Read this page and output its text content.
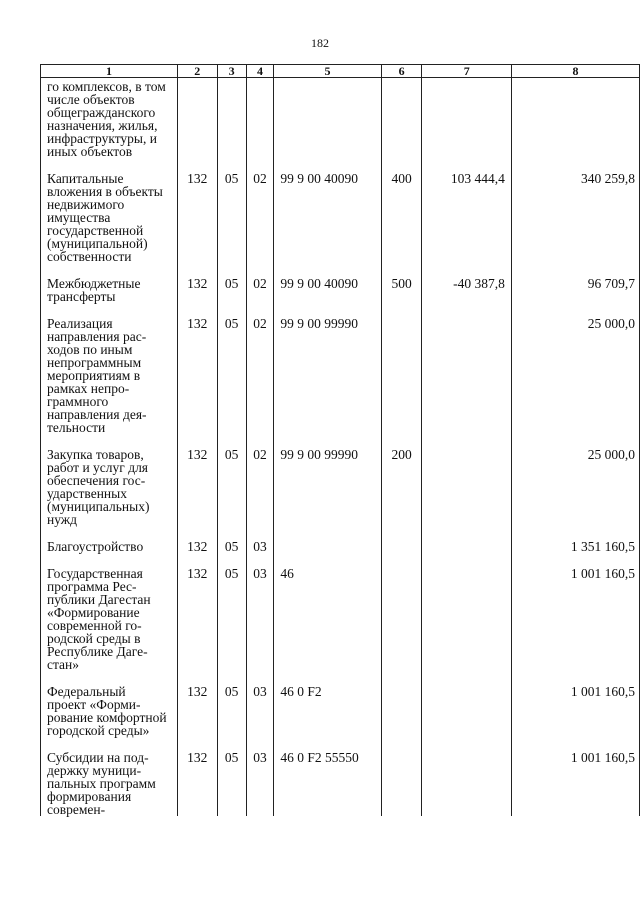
182
1	2	3	4	5	6	7	8

го комплексов, в том числе объектов общегражданского назначения, жилья, инфраструктуры, и иных объектов							

Капитальные вложения в объекты недвижимого имущества государственной (муниципальной) собственности	132	05	02	99 9 00 40090	400	103 444,4	340 259,8

Межбюджетные трансферты	132	05	02	99 9 00 40090	500	-40 387,8	96 709,7

Реализация направления расходов по иным непрограммным мероприятиям в рамках непрограммного направления деятельности	132	05	02	99 9 00 99990			25 000,0

Закупка товаров, работ и услуг для обеспечения государственных (муниципальных) нужд	132	05	02	99 9 00 99990	200		25 000,0

Благоустройство	132	05	03				1 351 160,5

Государственная программа Республики Дагестан «Формирование современной городской среды в Республике Дагестан»	132	05	03	46			1 001 160,5

Федеральный проект «Формирование комфортной городской среды»	132	05	03	46 0 F2			1 001 160,5

Субсидии на поддержку муниципальных программ формирования современ-	132	05	03	46 0 F2 55550			1 001 160,5
